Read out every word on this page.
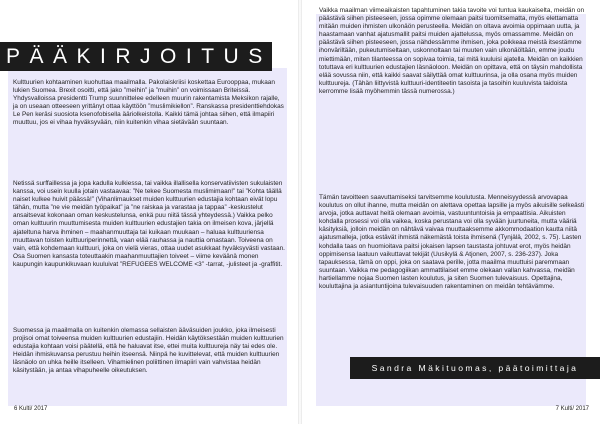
PÄÄKIRJOITUS

Kulttuurien kohtaaminen kuohuttaa maailmalla. Pakolaiskriisi koskettaa Eurooppaa, mukaan lukien Suomea. Brexit osoitti, että jako ”meihin” ja ”muihin” on voimissaan Briteissä. Yhdysvalloissa presidentti Trump suunnittelee edelleen muurin rakentamista Meksikon rajalle, ja on useaan otteeseen yrittänyt ottaa käyttöön ”muslimikiellon”. Ranskassa presidenttiehdokas Le Pen keräsi suosiota ksenofobisella ääriolkeistolla. Kaikki tämä johtaa siihen, että ilmapiiri muuttuu, jos ei vihaa hyväksyvään, niin kuitenkin vihaa sietävään suuntaan.

Netissä surffaillessa ja jopa kadulla kulkiessa, tai vaikka illallisella konservatiivisten sukulaisten kanssa, voi usein kuulla jotain vastaavaa: ”Ne tekee Suomesta muslimimaan!” tai ”Kohta täällä naiset kulkee huivit päässä!” (Vihanlimaukset muiden kulttuurien edustajia kohtaan eivät lopu tähän, mutta ”ne vie meidän työpaikat” ja ”ne raiskaa ja varastaa ja tappaa” -keskustelut ansaitsevat kokonaan oman keskustelunsa, enkä puu niitä tässä yhteydessä.) Vaikka pelko oman kulttuurin muuttumisesta muiden kulttuurien edustajien takia on ilmeisen kova, järjellä ajateltuna harva ihminen – maahanmuuttaja tai kuikaan muukaan – haluaa kulttuuriensa muuttavan toisten kulttuuriperinnettä, vaan elää rauhassa ja nauttia omastaan. Toiveena on vain, että kohdemaan kulttuuri, joka on vielä vieras, ottaa uudet asukkaat hyväksyvästi vastaan. Osa Suomen kansasta toteuttaakin maahanmuuttajien toiveet – viime keväänä monen kaupungin kaupunkikuvaan kuuluivat ”REFUGEES WELCOME <3” -tarrat, -julisteet ja -graffitit.

Suomessa ja maailmalla on kuitenkin olemassa sellaisten ääväsuiden joukko, joka ilmeisesti projisoi omat toiveensa muiden kulttuurien edustajiin. Heidän käytöksestään muiden kulttuurien edustajia kohtaan voisi päätellä, että he haluavat itse, ettei muita kulttuureja näy tai edes ole. Heidän ihmiskuvansa perustuu heihin itseensä. Niinpä he kuvittelevat, että muiden kulttuurien läsnäolo on uhka heille itselleen. Vihamielinen poliittinen ilmapiiri vain vahvistaa heidän käsitystään, ja antaa vihapuheelle oikeutuksen.

6 Kulti/ 2017

Vaikka maailman viimeaikaisten tapahtuminen takia tavoite voi tuntua kaukaiselta, meidän on päästävä siihen pisteeseen, jossa opimme olemaan paitsi tuomitsematta, myös elettamatta mitään muiden ihmisten ulkonäön perusteella. Meidän on oltava avoimia oppimaan uutta, ja haastamaan vanhat ajatusmallit paitsi muiden ajattelussa, myös omassamme. Meidän on päästävä siihen pisteeseen, jossa nähdessämme ihmisen, joka poikkeaa meistä itsestämme ihonväriltään, pukeutumiseltaan, uskonnoltaan tai muuten vain ulkonäöltään, emme joudu miettimään, miten tilanteessa on sopivaa toimia, tai mitä kuuluisi ajatella. Meidän on kaikkien totuttava eri kulttuurien edustajien läsnäoloon. Meidän on opittava, että on täysin mahdollista elää sovussa niin, että kaikki saavat säilyttää omat kulttuurinsa, ja olla osana myös muiden kulttuureja. (Tähän liittyvistä kulttuuri-identiteetin tasoista ja tasoihin kuuluvista taidoista kerromme lisää myöhemmin tässä numerossa.)

Tämän tavoitteen saavuttamiseksi tarvitsemme koulutusta. Menneisyydessä arvovapaa koulutus on ollut ihanne, mutta meidän on alettava opettaa lapsille ja myös aikuisille selkeästi arvoja, jotka auttavat heitä olemaan avoimia, vastuuntuntoisia ja empaattisia. Aikuisten kohdalla prosessi voi olla vaikea, koska perustana voi olla syvään juurtuneita, mutta vääriä käsityksiä, jolloin meidän on nähtävä vaivaa muuttaaksemme akkommodaation kautta niitä ajatusmalleja, jotka estävät ihmistä näkemästä toista ihmisenä (Tynjälä, 2002, s. 75). Lasten kohdalla taas on huomioitava paitsi jokaisen lapsen taustasta johtuvat erot, myös heidän oppimisensa laatuun vaikuttavat tekijät (Uusikylä & Atjonen, 2007, s. 236-237). Joka tapauksessa, tämä on oppi, joka on saatava perille, jotta maailma muuttuisi paremmaan suuntaan. Vaikka me pedagogiikan ammattilaiset emme olekaan vallan kahvassa, meidän hartiellamme nojaa Suomen lasten koulutus, ja siten Suomen tulevaisuus. Opettajina, kouluttajina ja asiantuntijoina tulevaisuuden rakentaminen on meidän tehtävämme.

Sandra Mäkituomas, päätoimittaja
7 Kulti/ 2017
